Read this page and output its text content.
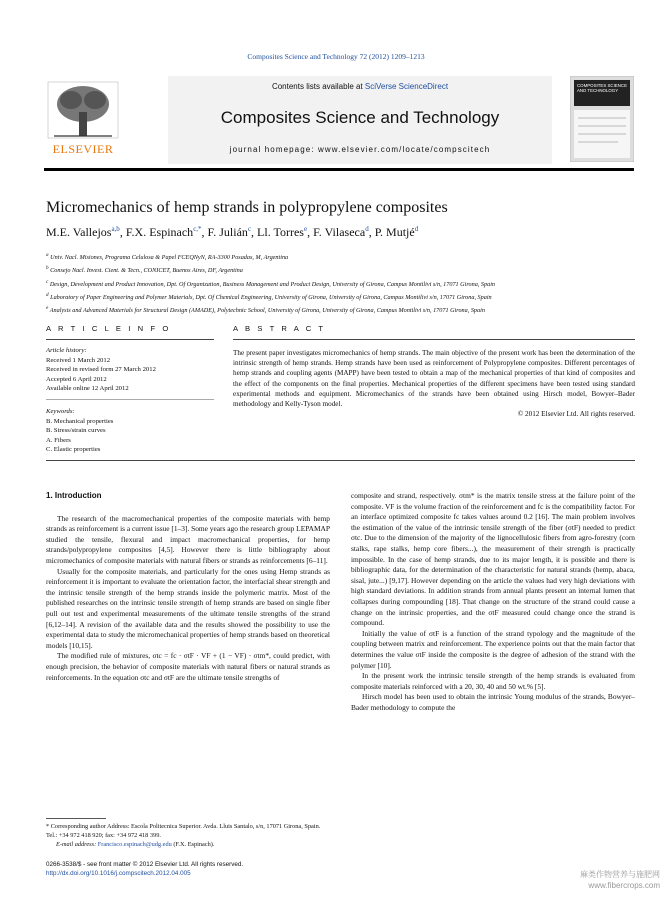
Composites Science and Technology 72 (2012) 1209–1213
ELSEVIER
Contents lists available at SciVerse ScienceDirect
Composites Science and Technology
journal homepage: www.elsevier.com/locate/compscitech
COMPOSITES SCIENCE AND TECHNOLOGY
Micromechanics of hemp strands in polypropylene composites
M.E. Vallejos$^{a,b}$, F.X. Espinach$^{c,*}$, F. Julián$^c$, Ll. Torres$^e$, F. Vilaseca$^d$, P. Mutjé$^d$
$^a$ Univ. Nacl. Misiones, Programa Celulosa & Papel FCEQNyN, RA-3300 Posadas, M, Argentina
$^b$ Consejo Nacl. Invest. Cient. & Tecn., CONICET, Buenos Aires, DF, Argentina
$^c$ Design, Development and Product Innovation, Dpt. Of Organization, Business Management and Product Design, University of Girona, Campus Montilivi s/n, 17071 Girona, Spain
$^d$ Laboratory of Paper Engineering and Polymer Materials, Dpt. Of Chemical Engineering, University of Girona, University of Girona, Campus Montilivi s/n, 17071 Girona, Spain
$^e$ Analysis and Advanced Materials for Structural Design (AMADE), Polytechnic School, University of Girona, University of Girona, Campus Montilivi s/n, 17071 Girona, Spain
A R T I C L E I N F O
Article history:
Received 1 March 2012
Received in revised form 27 March 2012
Accepted 6 April 2012
Available online 12 April 2012
Keywords:
B. Mechanical properties
B. Stress/strain curves
A. Fibers
C. Elastic properties
A B S T R A C T
The present paper investigates micromechanics of hemp strands. The main objective of the present work has been the determination of the intrinsic strength of hemp strands. Hemp strands have been used as reinforcement of Polypropylene composites. Different percentages of hemp strands and coupling agents (MAPP) have been tested to obtain a map of the mechanical properties of that kind of composites and the effect of the components on the final properties. Mechanical properties of the different specimens have been tested using standard experimental methods and equipment. Micromechanics of the strands have been obtained using Hirsch model, Bowyer–Bader methodology and Kelly-Tyson model.
© 2012 Elsevier Ltd. All rights reserved.
1. Introduction

The research of the macromechanical properties of the composite materials with hemp strands as reinforcement is a current issue [1–3]. Some years ago the research group LEPAMAP studied the tensile, flexural and impact macromechanical properties, for hemp strands/polypropylene composites [4,5]. However there is little bibliography about micromechanics of composite materials with natural fibers or strands as reinforcements [6–11].

Usually for the composite materials, and particularly for the ones using Hemp strands as reinforcement it is important to evaluate the orientation factor, the interfacial shear strength and the intrinsic tensile strength of the hemp strands inside the polymeric matrix. Most of the published researches on the intrinsic tensile strength of hemp strands are based on single fiber pull out test and experimental measurements of the ultimate tensile strengths of the strand [6,12–14]. A revision of the available data and the results showed the possibility to use the experimental data to study the micromechanical properties of hemp strands based on theoretical models [10,15].

The modified rule of mixtures, σtc = fc · σtF · VF + (1 − VF) · σtm*, could predict, with enough precision, the behavior of composite materials with natural fibers or natural strands as reinforcements. In the equation σtc and σtF are the ultimate tensile strengths of

composite and strand, respectively. σtm* is the matrix tensile stress at the failure point of the composite. VF is the volume fraction of the reinforcement and fc is the compatibility factor. For an interface optimized composite fc takes values around 0.2 [16]. The main problem involves the estimation of the value of the intrinsic tensile strength of the fiber (σtF) needed to predict σtc. Due to the dimension of the majority of the lignocellulosic fibers from agro-forestry (corn stalks, rape stalks, hemp core fibers...), the measurement of their strength is practically impossible. In the case of hemp strands, due to its major length, it is possible and there is bibliographic data, for the determination of the characteristic for natural strands (hemp, abaca, sisal, jute...) [9,17]. However depending on the article the values had very high deviations with high standard deviations. In addition strands from annual plants present an internal lumen that collapses during compounding [18]. That change on the structure of the strand could cause a change on the intrinsic properties, and the σtF measured could change once the strand is compound.

Initially the value of σtF is a function of the strand typology and the magnitude of the coupling between matrix and reinforcement. The experience points out that the main factor that determines the value σtF inside the composite is the degree of adhesion of the strand with the polymer [10].

In the present work the intrinsic tensile strength of the hemp strands is evaluated from composite materials reinforced with a 20, 30, 40 and 50 wt.% [5].

Hirsch model has been used to obtain the intrinsic Young modulus of the strands, Bowyer–Bader methodology to compute the

* Corresponding author Address: Escola Politecnica Superior. Avda. Lluis Santalo, s/n, 17071 Girona, Spain. Tel.: +34 972 418 920; fax: +34 972 418 399.
E-mail address: Francisco.espinach@udg.edu (F.X. Espinach).
0266-3538/$ - see front matter © 2012 Elsevier Ltd. All rights reserved.
http://dx.doi.org/10.1016/j.compscitech.2012.04.005	麻类作物营养与施肥网
www.fibercrops.com
